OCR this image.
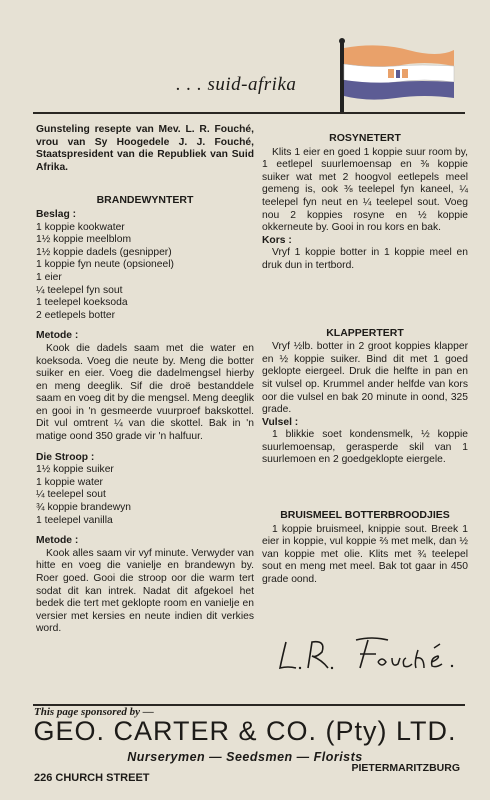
. . . suid-afrika

Gunsteling resepte van Mev. L. R. Fouché, vrou van Sy Hoogedele J. J. Fouché, Staatspresident van die Republiek van Suid Afrika.

BRANDEWYNTERT
Beslag :
1 koppie kookwater
1½ koppie meelblom
1½ koppie dadels (gesnipper)
1 koppie fyn neute (opsioneel)
1 eier
¼ teelepel fyn sout
1 teelepel koeksoda
2 eetlepels botter
Metode :

Kook die dadels saam met die water en koeksoda. Voeg die neute by. Meng die botter suiker en eier. Voeg die dadelmengsel hierby en meng deeglik. Sif die droë bestanddele saam en voeg dit by die mengsel. Meng deeglik en gooi in 'n gesmeerde vuurproef bakskottel. Dit vul omtrent ¼ van die skottel. Bak in 'n matige oond 350 grade vir 'n halfuur.

Die Stroop :
1½ koppie suiker
1 koppie water
¼ teelepel sout
¾ koppie brandewyn
1 teelepel vanilla
Metode :

Kook alles saam vir vyf minute. Verwyder van hitte en voeg die vanielje en brandewyn by. Roer goed. Gooi die stroop oor die warm tert sodat dit kan intrek. Nadat dit afgekoel het bedek die tert met geklopte room en vanielje en versier met kersies en neute indien dit verkies word.

ROSYNETERT

Klits 1 eier en goed 1 koppie suur room by, 1 eetlepel suurlemoensap en ⅜ koppie suiker wat met 2 hoogvol eetlepels meel gemeng is, ook ⅜ teelepel fyn kaneel, ¼ teelepel fyn neut en ¼ teelepel sout. Voeg nou 2 koppies rosyne en ½ koppie okkerneute by. Gooi in rou kors en bak.

Kors :

Vryf 1 koppie botter in 1 koppie meel en druk dun in tertbord.

KLAPPERTERT

Vryf ½lb. botter in 2 groot koppies klapper en ½ koppie suiker. Bind dit met 1 goed geklopte eiergeel. Druk die helfte in pan en sit vulsel op. Krummel ander helfde van kors oor die vulsel en bak 20 minute in oond, 325 grade.

Vulsel :

1 blikkie soet kondensmelk, ½ koppie suurlemoensap, gerasperde skil van 1 suurlemoen en 2 goedgeklopte eiergele.

BRUISMEEL BOTTERBROODJIES

1 koppie bruismeel, knippie sout. Breek 1 eier in koppie, vul koppie ⅔ met melk, dan ½ van koppie met olie. Klits met ¾ teelepel sout en meng met meel. Bak tot gaar in 450 grade oond.

This page sponsored by —
GEO. CARTER & CO. (Pty) LTD.
Nurserymen — Seedsmen — Florists
226 CHURCH STREET
PIETERMARITZBURG
